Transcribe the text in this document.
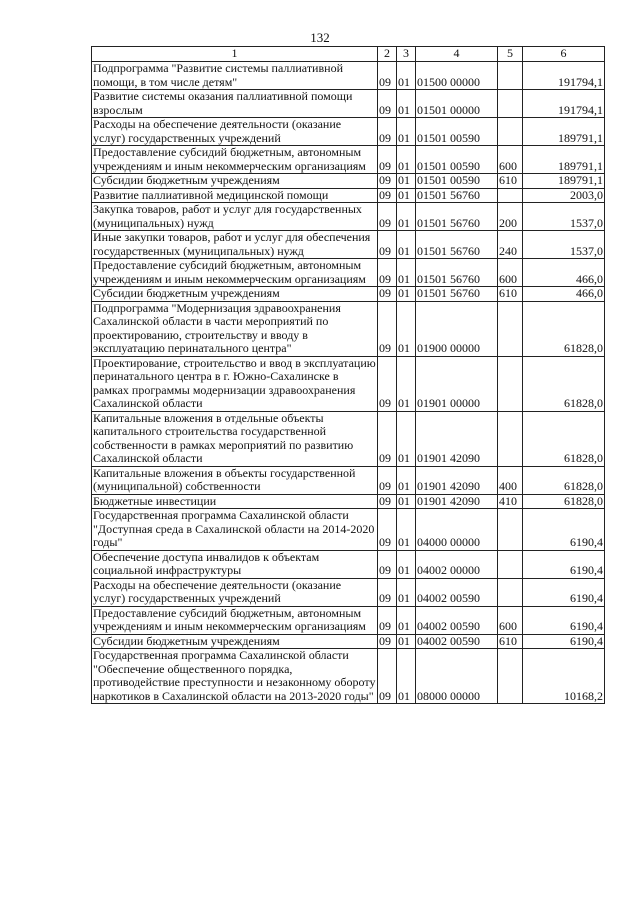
132
1	2	3	4	5	6
Подпрограмма "Развитие системы паллиативной помощи, в том числе детям"	09	01	01500 00000		191794,1
Развитие системы оказания паллиативной помощи взрослым	09	01	01501 00000		191794,1
Расходы на обеспечение деятельности (оказание услуг) государственных учреждений	09	01	01501 00590		189791,1
Предоставление субсидий бюджетным, автономным учреждениям и иным некоммерческим организациям	09	01	01501 00590	600	189791,1
Субсидии бюджетным учреждениям	09	01	01501 00590	610	189791,1
Развитие паллиативной медицинской помощи	09	01	01501 56760		2003,0
Закупка товаров, работ и услуг для государственных (муниципальных) нужд	09	01	01501 56760	200	1537,0
Иные закупки товаров, работ и услуг для обеспечения государственных (муниципальных) нужд	09	01	01501 56760	240	1537,0
Предоставление субсидий бюджетным, автономным учреждениям и иным некоммерческим организациям	09	01	01501 56760	600	466,0
Субсидии бюджетным учреждениям	09	01	01501 56760	610	466,0
Подпрограмма "Модернизация здравоохранения Сахалинской области в части мероприятий по проектированию, строительству и вводу в эксплуатацию перинатального центра"	09	01	01900 00000		61828,0
Проектирование, строительство и ввод в эксплуатацию перинатального центра в г. Южно-Сахалинске в рамках программы модернизации здравоохранения Сахалинской области	09	01	01901 00000		61828,0
Капитальные вложения в отдельные объекты капитального строительства государственной собственности в рамках мероприятий по развитию Сахалинской области	09	01	01901 42090		61828,0
Капитальные вложения в объекты государственной (муниципальной) собственности	09	01	01901 42090	400	61828,0
Бюджетные инвестиции	09	01	01901 42090	410	61828,0
Государственная программа Сахалинской области "Доступная среда в Сахалинской области на 2014-2020 годы"	09	01	04000 00000		6190,4
Обеспечение доступа инвалидов к объектам социальной инфраструктуры	09	01	04002 00000		6190,4
Расходы на обеспечение деятельности (оказание услуг) государственных учреждений	09	01	04002 00590		6190,4
Предоставление субсидий бюджетным, автономным учреждениям и иным некоммерческим организациям	09	01	04002 00590	600	6190,4
Субсидии бюджетным учреждениям	09	01	04002 00590	610	6190,4
Государственная программа Сахалинской области "Обеспечение общественного порядка, противодействие преступности и незаконному обороту наркотиков в Сахалинской области на 2013-2020 годы"	09	01	08000 00000		10168,2
